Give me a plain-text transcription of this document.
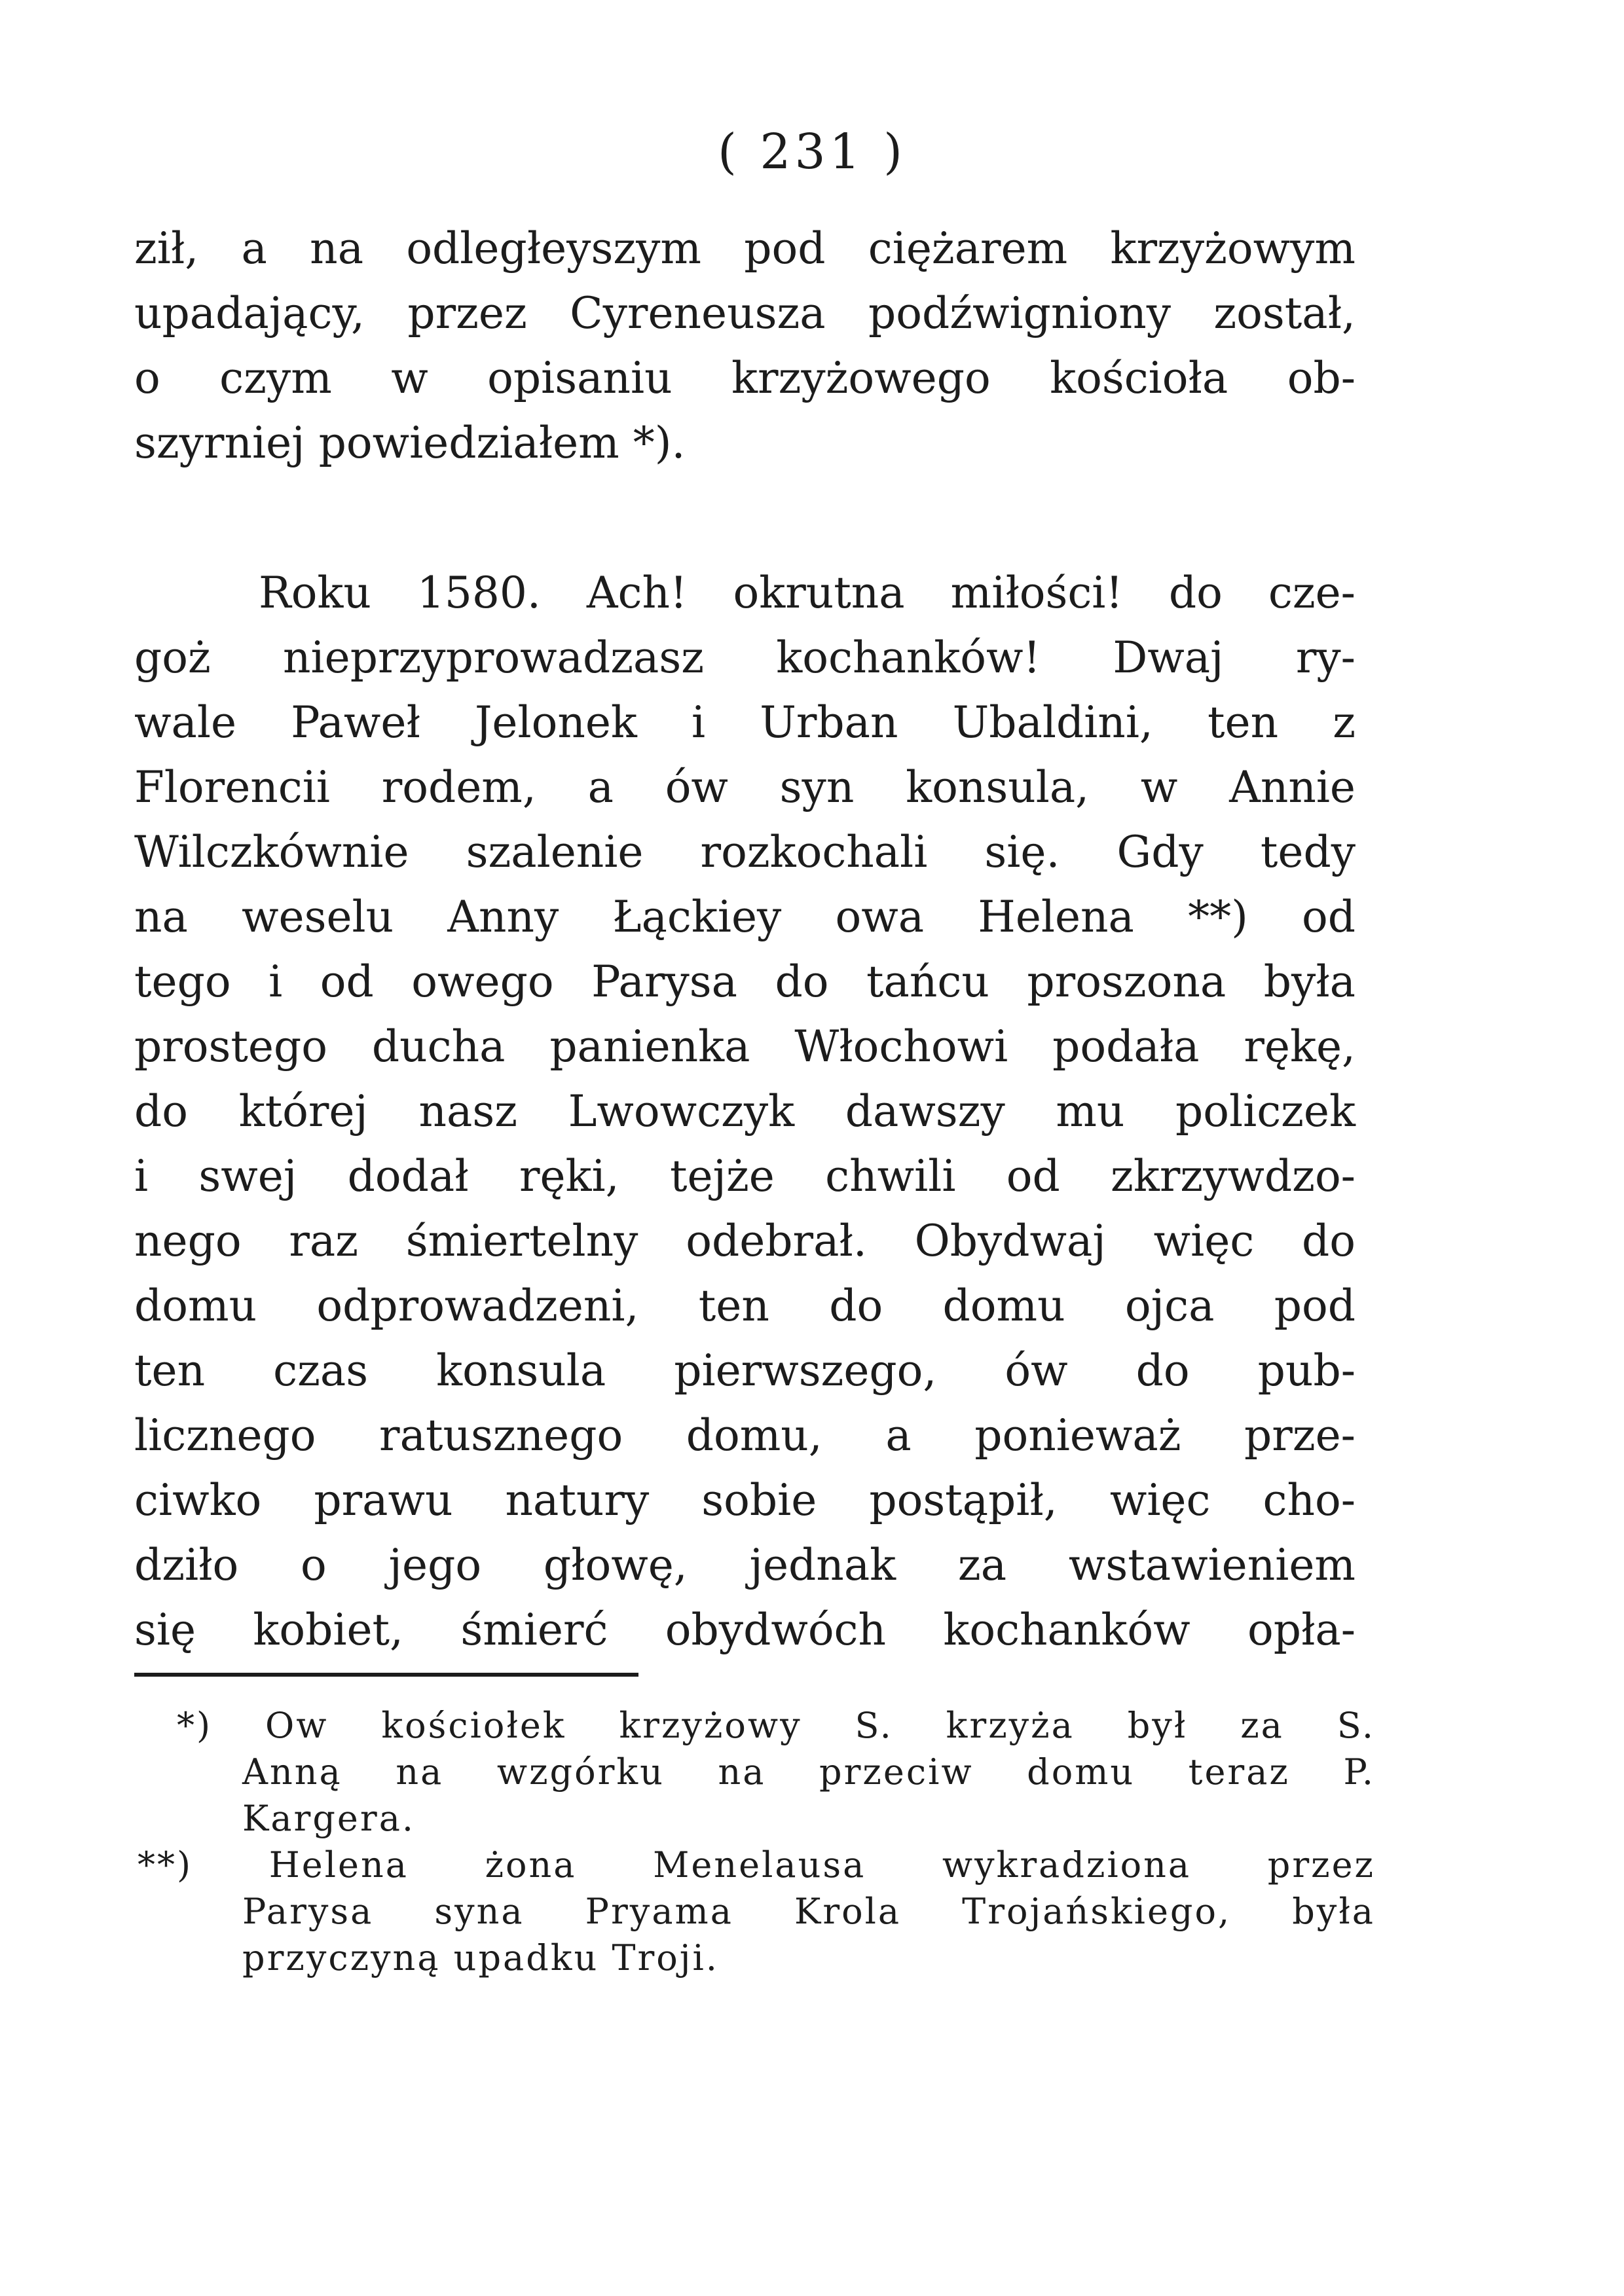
( 231 )
ził, a na odległeyszym pod ciężarem krzyżowym
upadający, przez Cyreneusza podźwigniony został,
o czym w opisaniu krzyżowego kościoła ob-
szyrniej powiedziałem *).
Roku 1580. Ach! okrutna miłości! do cze-
goż nieprzyprowadzasz kochanków! Dwaj ry-
wale Paweł Jelonek i Urban Ubaldini, ten z
Florencii rodem, a ów syn konsula, w Annie
Wilczkównie szalenie rozkochali się. Gdy tedy
na weselu Anny Łąckiey owa Helena **) od
tego i od owego Parysa do tańcu proszona była
prostego ducha panienka Włochowi podała rękę,
do której nasz Lwowczyk dawszy mu policzek
i swej dodał ręki, tejże chwili od zkrzywdzo-
nego raz śmiertelny odebrał. Obydwaj więc do
domu odprowadzeni, ten do domu ojca pod
ten czas konsula pierwszego, ów do pub-
licznego ratusznego domu, a ponieważ prze-
ciwko prawu natury sobie postąpił, więc cho-
dziło o jego głowę, jednak za wstawieniem
się kobiet, śmierć obydwóch kochanków opła-
*) Ow kościołek krzyżowy S. krzyża był za S.
Anną na wzgórku na przeciw domu teraz P.
Kargera.
**) Helena żona Menelausa wykradziona przez
Parysa syna Pryama Krola Trojańskiego, była
przyczyną upadku Troji.
